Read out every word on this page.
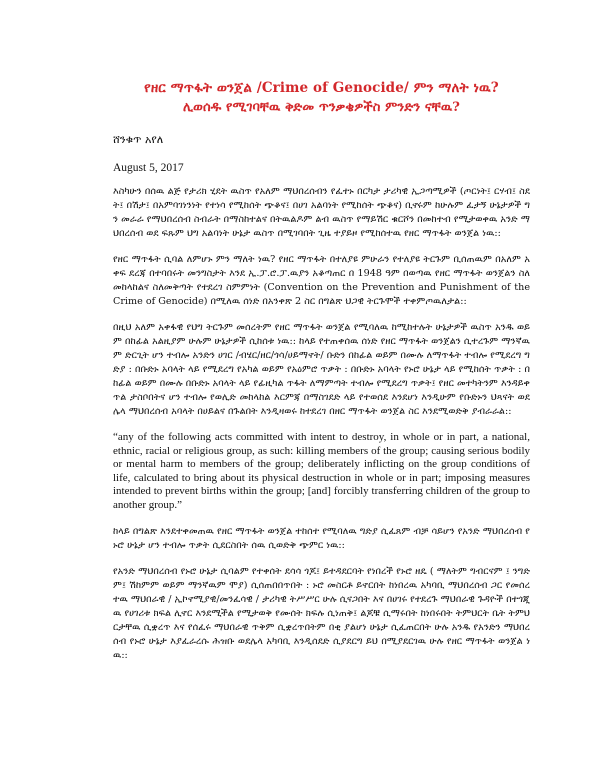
የዘር ማጥፋት ወንጀል /Crime of Genocide/ ምን ማለት ነዉ?

ሊወሰዱ የሚገባቸዉ ቅድመ ጥንቃቄዎችስ ምንድን ናቸዉ?
ሸንቁጥ አየለ
August 5, 2017

እስካሁን በሰዉ ልጅ የታሪክ ሂደት ዉስጥ የአለም ማህበረሰብን የፈተኑ በርካታ ታሪካዊ ኢጋጣሚዎች (ጦርነት፤ ርሃብ፤ ስደት፤ በሽታ፤ በአምባገነንነት የተነሳ የሚከሰት ጭቆና፤ በሀገ አልባነት የሚከሰት ጭቆና) ቢኖሩም ከሁሉም ፈታኝ ሁኔታዎች ግን መራራ የማህበረሰብ ስብራት በማስከተልና በትዉልዶም ልብ ዉስጥ የማይሽር ቁርሾን በመከተብ የሚታወቀዉ አንድ ማህበረሰብ ወደ ፍጹም ህግ አልባነት ሁኔታ ዉስጥ በሚገባበት ጊዜ ተያይዞ የሚከሰተዉ የዘር ማጥፋት ወንጀል ነዉ::

የዘር ማጥፋት ሲባል ለምሆኑ ምን ማለት ነዉ? የዘር ማጥፋት በተለያዩ ምሁራን የተለያዩ ትርጉም ቢሰጠዉም በአለም አቀፍ ደረጃ በተባበሩት መንግስታት እንደ ኢ.ፓ.ሮ.ፓ.ዉያን አቆጣጠር በ 1948 ዓም በወጣዉ የዘር ማጥፋት ወንጀልን ስለመከላከልና ስለመቅጣት የተደረገ ስምምነት (Convention on the Prevention and Punishment of the Crime of Genocide) በሚለዉ ሰነድ በአንቀጽ 2 ስር በግልጽ ህጋዊ ትርጉሞች ተቀምጦዉለታል::

በዚህ አለም አቀፋዊ የህግ ትርጉም መሰረትም የዘር ማጥፋት ወንጀል የሚባለዉ ከሚከተሉት ሁኔታዎች ዉስጥ አንዱ ወይም በከፊል አልዚያም ሁሉም ሁኔታዎች ሲከሰቱ ነዉ:: ከላይ የተጠቀሰዉ ሰነድ የዘር ማጥፋት ወንጀልን ሲተረጉም ማንኛዉም ድርጊት ሆን ተብሎ አንድን ሀገር /ብሄር/ዘር/ጎሳ/ሀይማኖት/ ቡድን በከፊል ወይም በሙሉ ለማጥፋት ተብሎ የሚደረግ ግድያ : በቡድኑ አባላት ላይ የሚደረግ የአካል ወይም የአዕምሮ ጥቃት : በቡድኑ አባላት የኑሮ ሁኔታ ላይ የሚከሰት ጥቃት : በከፊል ወይም በሙሉ በቡድኑ አባላት ላይ የፊዚካል ጥፋት ለማምጣት ተብሎ የሚደረግ ጥቃት፤ የዘር መተካትንም እንዳይቀጥል ታስቦበትና ሆን ተብሎ የወሊድ መከላከል እርምጃ በማስገደድ ላይ የተወሰደ እንደሆነ እንዲሁም የቡድኑን ህጻናት ወደ ሌላ ማህበረሰብ አባላት በሀይልና በጉልበት እንዲዛወሩ ከተደረገ በዘር ማጥፋት ወንጀል ስር እንደሚወድቅ ያብራራል::

“any of the following acts committed with intent to destroy, in whole or in part, a national, ethnic, racial or religious group, as such: killing members of the group; causing serious bodily or mental harm to members of the group; deliberately inflicting on the group conditions of life, calculated to bring about its physical destruction in whole or in part; imposing measures intended to prevent births within the group; [and] forcibly transferring children of the group to another group.”

ከላይ በግልጽ እንደተቀመጠዉ የዘር ማጥፋት ወንጀል ተከሰተ የሚባለዉ ግድያ ሲፈጸም ብቻ ሳይሆን የአንድ ማህበረሰብ የኑሮ ሁኔታ ሆን ተብሎ ጥቃት ሲደርስበት ሰዉ ሲወድቅ ጭምር ነዉ::

የአንድ ማህበረሰብ የኑሮ ሁኔታ ሲባልም የተቀሰት ደሳሳ ጎጆ፤ ይተዳደርባት የነበረች የኑሮ ዘዴ ( ማለትም ግብርናም ፤ ንግድም፤ ሽከምም ወይም ማንኛዉም ሞያ) ሲሰጠበበጥበት : ኑሮ መስርቶ ይኖርበት ከነበረዉ አካባቢ ማህበረሰብ ጋር የመሰረተዉ ማህበራዊ / ኢኮኖሚያዊ/መንፈሳዊ / ታሪካዊ ትሥሥር ሁሉ ሲናጋበት እና በሀገሩ የተደረጉ ማህበራዊ ጉዳዮች በተጎጂዉ የሀገሪቱ ክፍል ሊኖር እንደሚችል የሚታወቅ የሙሰት ክፍሉ ሲነጠቅ፤ ልጆቹ ሲማሩበት ከነበሩበት ትምህርት ቤት ትምህርታቸዉ ሲቋረጥ እና የሰፈሩ ማህበራዊ ጥቅም ሲቋረጥበትም በቂ ያልሆነ ሁኔታ ሲፈጠርበት ሁሉ አንዱ የአንድን ማህበረሰብ የኑሮ ሁኔታ እያፈራረሱ ሕዝቡ ወደሌላ አካባቢ እንዲሰደድ ሲያደርግ ይህ በሚያደርገዉ ሁሉ የዘር ማጥፋት ወንጀል ነዉ::
